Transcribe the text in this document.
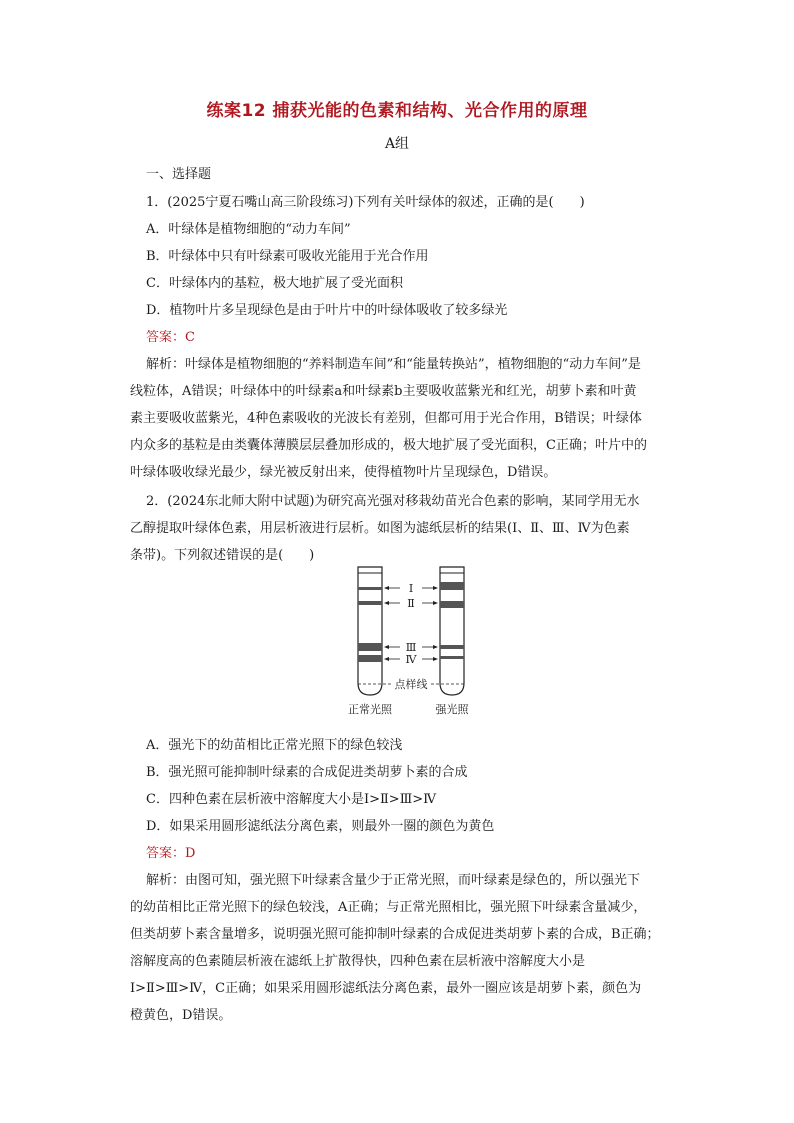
练案12 捕获光能的色素和结构、光合作用的原理
A组
一、选择题
1．(2025宁夏石嘴山高三阶段练习)下列有关叶绿体的叙述，正确的是(　　)
A．叶绿体是植物细胞的“动力车间”
B．叶绿体中只有叶绿素可吸收光能用于光合作用
C．叶绿体内的基粒，极大地扩展了受光面积
D．植物叶片多呈现绿色是由于叶片中的叶绿体吸收了较多绿光
答案：C
解析：叶绿体是植物细胞的“养料制造车间”和“能量转换站”，植物细胞的“动力车间”是
线粒体，A错误；叶绿体中的叶绿素a和叶绿素b主要吸收蓝紫光和红光，胡萝卜素和叶黄
素主要吸收蓝紫光，4种色素吸收的光波长有差别，但都可用于光合作用，B错误；叶绿体
内众多的基粒是由类囊体薄膜层层叠加形成的，极大地扩展了受光面积，C正确；叶片中的
叶绿体吸收绿光最少，绿光被反射出来，使得植物叶片呈现绿色，D错误。
2．(2024东北师大附中试题)为研究高光强对移栽幼苗光合色素的影响，某同学用无水
乙醇提取叶绿体色素，用层析液进行层析。如图为滤纸层析的结果(Ⅰ、Ⅱ、Ⅲ、Ⅳ为色素
条带)。下列叙述错误的是(　　)
Ⅰ
Ⅱ
Ⅲ
Ⅳ
点样线
正常光照	强光照
A．强光下的幼苗相比正常光照下的绿色较浅
B．强光照可能抑制叶绿素的合成促进类胡萝卜素的合成
C．四种色素在层析液中溶解度大小是Ⅰ>Ⅱ>Ⅲ>Ⅳ
D．如果采用圆形滤纸法分离色素，则最外一圈的颜色为黄色
答案：D
解析：由图可知，强光照下叶绿素含量少于正常光照，而叶绿素是绿色的，所以强光下
的幼苗相比正常光照下的绿色较浅，A正确；与正常光照相比，强光照下叶绿素含量减少，
但类胡萝卜素含量增多，说明强光照可能抑制叶绿素的合成促进类胡萝卜素的合成，B正确；
溶解度高的色素随层析液在滤纸上扩散得快，四种色素在层析液中溶解度大小是
Ⅰ>Ⅱ>Ⅲ>Ⅳ，C正确；如果采用圆形滤纸法分离色素，最外一圈应该是胡萝卜素，颜色为
橙黄色，D错误。
